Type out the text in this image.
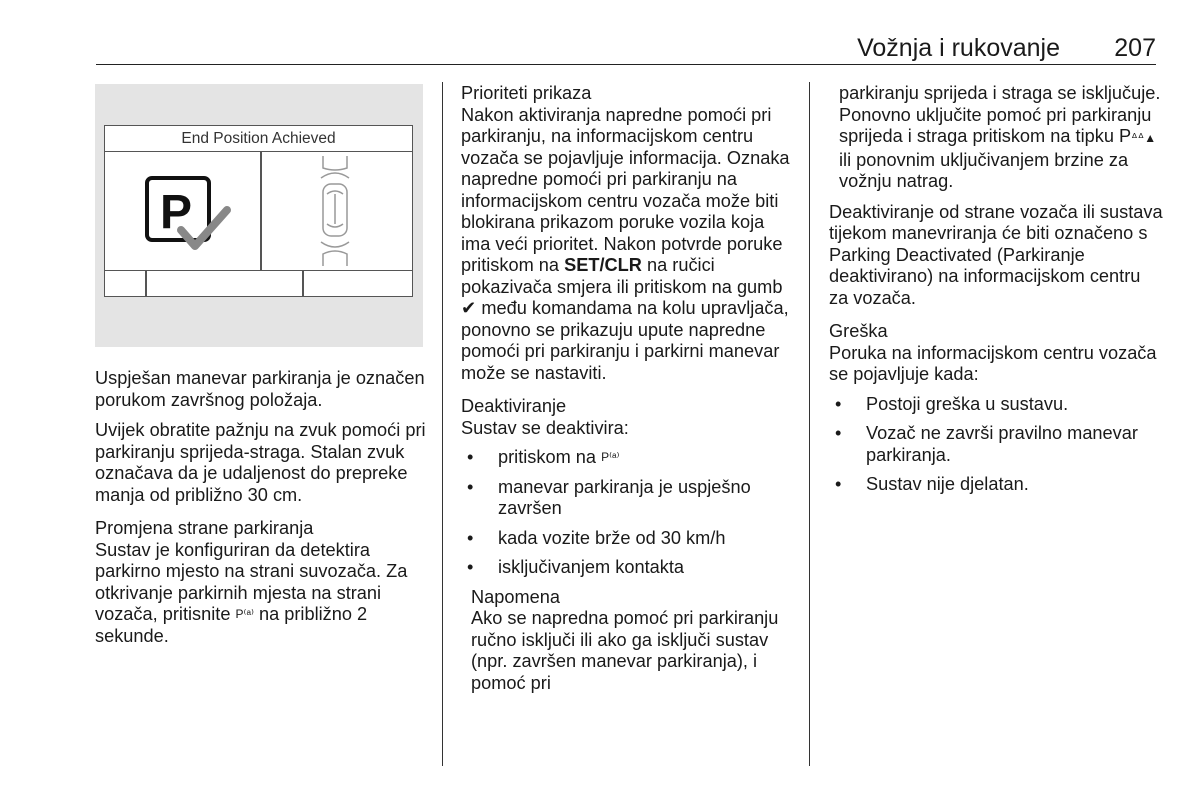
Vožnja i rukovanje 207
End Position Achieved
P

Uspješan manevar parkiranja je označen porukom završnog položaja.

Uvijek obratite pažnju na zvuk pomoći pri parkiranju sprijeda-straga. Stalan zvuk označava da je udaljenost do prepreke manja od približno 30 cm.

Promjena strane parkiranja

Sustav je konfiguriran da detektira parkirno mjesto na strani suvozača. Za otkrivanje parkirnih mjesta na strani vozača, pritisnite P⁽ᵃ⁾ na približno 2 sekunde.

Prioriteti prikaza

Nakon aktiviranja napredne pomoći pri parkiranju, na informacijskom centru vozača se pojavljuje informacija. Oznaka napredne pomoći pri parkiranju na informacijskom centru vozača može biti blokirana prikazom poruke vozila koja ima veći prioritet. Nakon potvrde poruke pritiskom na SET/CLR na ručici pokazivača smjera ili pritiskom na gumb ✔ među komandama na kolu upravljača, ponovno se prikazuju upute napredne pomoći pri parkiranju i parkirni manevar može se nastaviti.

Deaktiviranje

Sustav se deaktivira:

• pritiskom na P⁽ᵃ⁾
• manevar parkiranja je uspješno završen
• kada vozite brže od 30 km/h
• isključivanjem kontakta

Napomena

Ako se napredna pomoć pri parkiranju ručno isključi ili ako ga isključi sustav (npr. završen manevar parkiranja), i pomoć pri

parkiranju sprijeda i straga se isključuje. Ponovno uključite pomoć pri parkiranju sprijeda i straga pritiskom na tipku Pᐞᐞ▲ ili ponovnim uključivanjem brzine za vožnju natrag.

Deaktiviranje od strane vozača ili sustava tijekom manevriranja će biti označeno s Parking Deactivated (Parkiranje deaktivirano) na informacijskom centru za vozača.

Greška

Poruka na informacijskom centru vozača se pojavljuje kada:

• Postoji greška u sustavu.
• Vozač ne završi pravilno manevar parkiranja.
• Sustav nije djelatan.
